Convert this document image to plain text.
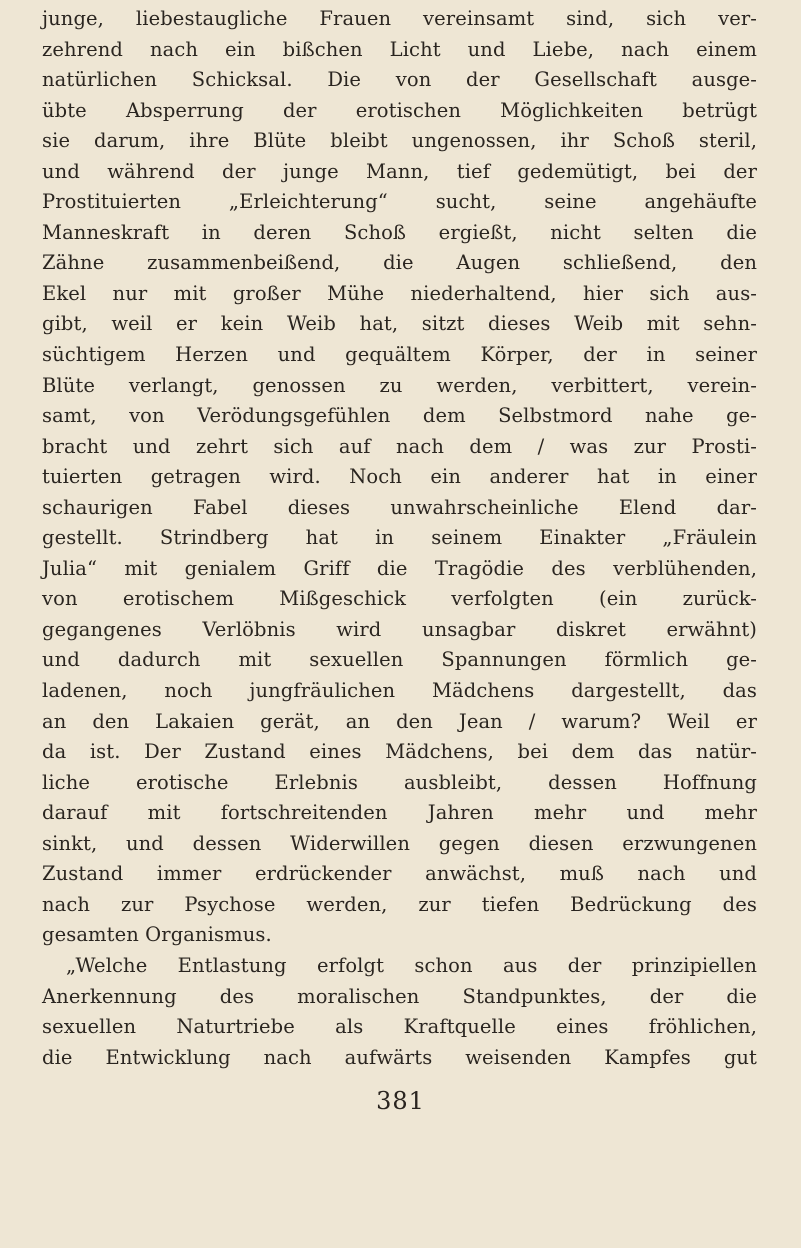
junge, liebestaugliche Frauen vereinsamt sind, sich ver-
zehrend nach ein bißchen Licht und Liebe, nach einem
natürlichen Schicksal. Die von der Gesellschaft ausge-
übte Absperrung der erotischen Möglichkeiten betrügt
sie darum, ihre Blüte bleibt ungenossen, ihr Schoß steril,
und während der junge Mann, tief gedemütigt, bei der
Prostituierten „Erleichterung“ sucht, seine angehäufte
Manneskraft in deren Schoß ergießt, nicht selten die
Zähne zusammenbeißend, die Augen schließend, den
Ekel nur mit großer Mühe niederhaltend, hier sich aus-
gibt, weil er kein Weib hat, sitzt dieses Weib mit sehn-
süchtigem Herzen und gequältem Körper, der in seiner
Blüte verlangt, genossen zu werden, verbittert, verein-
samt, von Verödungsgefühlen dem Selbstmord nahe ge-
bracht und zehrt sich auf nach dem / was zur Prosti-
tuierten getragen wird. Noch ein anderer hat in einer
schaurigen Fabel dieses unwahrscheinliche Elend dar-
gestellt. Strindberg hat in seinem Einakter „Fräulein
Julia“ mit genialem Griff die Tragödie des verblühenden,
von erotischem Mißgeschick verfolgten (ein zurück-
gegangenes Verlöbnis wird unsagbar diskret erwähnt)
und dadurch mit sexuellen Spannungen förmlich ge-
ladenen, noch jungfräulichen Mädchens dargestellt, das
an den Lakaien gerät, an den Jean / warum? Weil er
da ist. Der Zustand eines Mädchens, bei dem das natür-
liche erotische Erlebnis ausbleibt, dessen Hoffnung
darauf mit fortschreitenden Jahren mehr und mehr
sinkt, und dessen Widerwillen gegen diesen erzwungenen
Zustand immer erdrückender anwächst, muß nach und
nach zur Psychose werden, zur tiefen Bedrückung des
gesamten Organismus.
„Welche Entlastung erfolgt schon aus der prinzipiellen
Anerkennung des moralischen Standpunktes, der die
sexuellen Naturtriebe als Kraftquelle eines fröhlichen,
die Entwicklung nach aufwärts weisenden Kampfes gut
381
